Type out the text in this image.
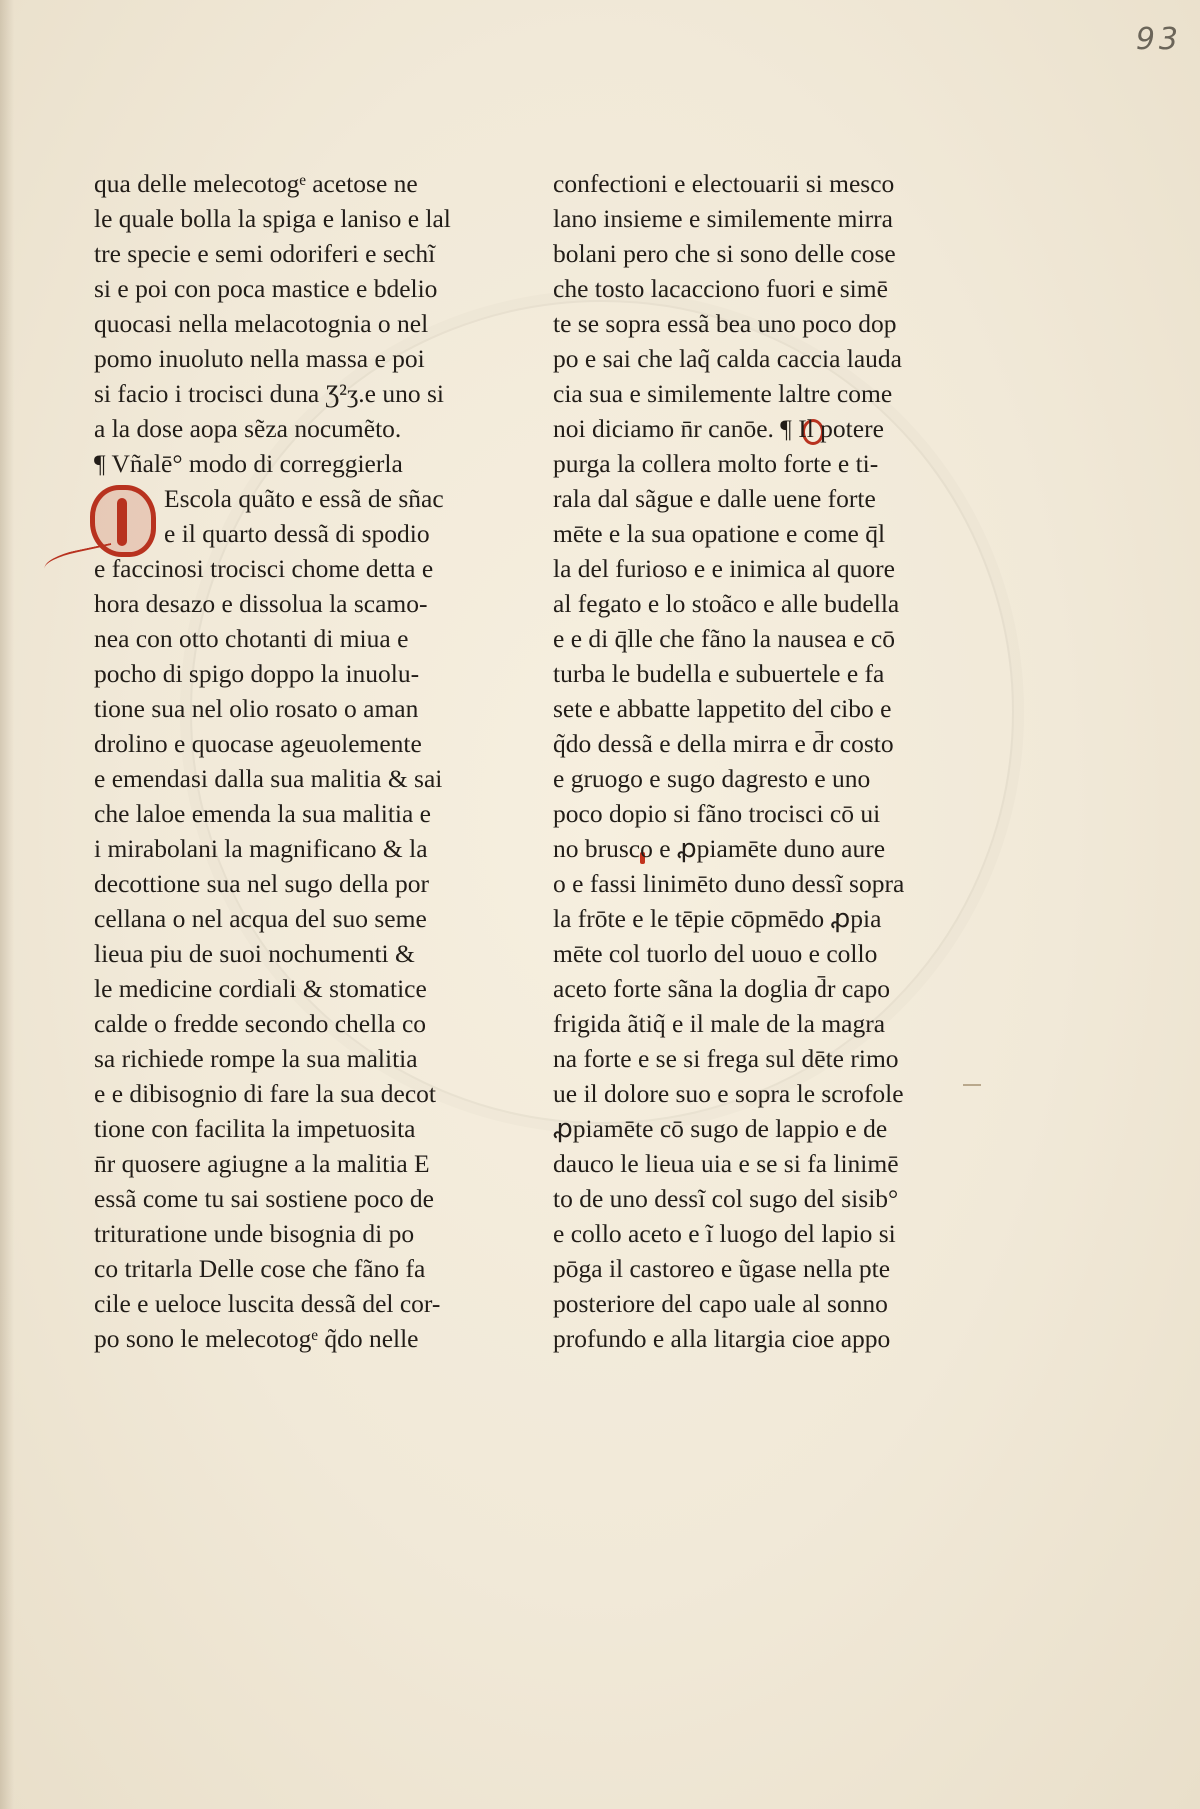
93
qua delle melecotogᵉ acetose ne
le quale bolla la spiga e laniso e lal
tre specie e semi odoriferi e sechĩ
si e poi con poca mastice e bdelio
quocasi nella melacotognia o nel
pomo inuoluto nella massa e poi
si facio i trocisci duna Ʒ²ʒ.e uno si
a la dose aopa sẽza nocumẽto.
¶ Vñalē° modo di correggierla
Escola quãto e essã de sñac
e il quarto dessã di spodio
e faccinosi trocisci chome detta e
hora desazo e dissolua la scamo-
nea con otto chotanti di miua e
pocho di spigo doppo la inuolu-
tione sua nel olio rosato o aman
drolino e quocase ageuolemente
e emendasi dalla sua malitia & sai
che laloe emenda la sua malitia e
i mirabolani la magnificano & la
decottione sua nel sugo della por
cellana o nel acqua del suo seme
lieua piu de suoi nochumenti &
le medicine cordiali & stomatice
calde o fredde secondo chella co
sa richiede rompe la sua malitia
e e dibisognio di fare la sua decot
tione con facilita la impetuosita
n̄r quosere agiugne a la malitia E
essã come tu sai sostiene poco de
trituratione unde bisognia di po
co tritarla Delle cose che fãno fa
cile e ueloce luscita dessã del cor-
po sono le melecotogᵉ q̃do nelle
confectioni e electouarii si mesco
lano insieme e similemente mirra
bolani pero che si sono delle cose
che tosto lacacciono fuori e simē
te se sopra essã bea uno poco dop
po e sai che laq̃ calda caccia lauda
cia sua e similemente laltre come
noi diciamo n̄r canōe. ¶ Il potere
purga la collera molto forte e ti-
rala dal sãgue e dalle uene forte
mēte e la sua opatione e come q̄l
la del furioso e e inimica al quore
al fegato e lo stoãco e alle budella
e e di q̄lle che fãno la nausea e cō
turba le budella e subuertele e fa
sete e abbatte lappetito del cibo e
q̃do dessã e della mirra e d̄r costo
e gruogo e sugo dagresto e uno
poco dopio si fãno trocisci cō ui
no brusco e ꝓpiamēte duno aure
o e fassi linimēto duno dessĩ sopra
la frōte e le tēpie cōpmēdo ꝓpia
mēte col tuorlo del uouo e collo
aceto forte sãna la doglia d̄r capo
frigida ãtiq̃ e il male de la magra
na forte e se si frega sul dēte rimo
ue il dolore suo e sopra le scrofole
ꝓpiamēte cō sugo de lappio e de
dauco le lieua uia e se si fa linimē
to de uno dessĩ col sugo del sisib°
e collo aceto e ĩ luogo del lapio si
pōga il castoreo e ũgase nella pte
posteriore del capo uale al sonno
profundo e alla litargia cioe appo
